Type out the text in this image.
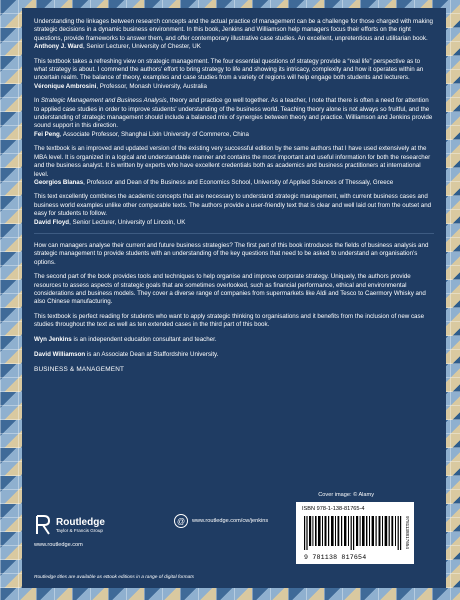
Understanding the linkages between research concepts and the actual practice of management can be a challenge for those charged with making strategic decisions in a dynamic business environment. In this book, Jenkins and Williamson help managers focus their efforts on the right questions, provide frameworks to answer them, and offer contemporary illustrative case studies. An excellent, unpretentious and utilitarian book.
Anthony J. Ward, Senior Lecturer, University of Chester, UK
This textbook takes a refreshing view on strategic management. The four essential questions of strategy provide a “real life” perspective as to what strategy is about. I commend the authors' effort to bring strategy to life and showing its intricacy, complexity and how it operates within an uncertain realm. The balance of theory, examples and case studies from a variety of regions will help engage both students and lecturers.
Véronique Ambrosini, Professor, Monash University, Australia
In Strategic Management and Business Analysis, theory and practice go well together. As a teacher, I note that there is often a need for attention to applied case studies in order to improve students' understanding of the business world. Teaching theory alone is not always so fruitful, and the understanding of strategic management should include a balanced mix of synergies between theory and practice. Williamson and Jenkins provide sound support in this direction.
Fei Peng, Associate Professor, Shanghai Lixin University of Commerce, China
The textbook is an improved and updated version of the existing very successful edition by the same authors that I have used extensively at the MBA level. It is organized in a logical and understandable manner and contains the most important and useful information for both the researcher and the business analyst. It is written by experts who have excellent credentials both as academics and business practitioners at international level.
Georgios Blanas, Professor and Dean of the Business and Economics School, University of Applied Sciences of Thessaly, Greece
This text excellently combines the academic concepts that are necessary to understand strategic management, with current business cases and business world examples unlike other comparable texts. The authors provide a user-friendly text that is clear and well laid out from the outset and easy for students to follow.
David Floyd, Senior Lecturer, University of Lincoln, UK

How can managers analyse their current and future business strategies? The first part of this book introduces the fields of business analysis and strategic management to provide students with an understanding of the key questions that need to be asked to understand an organisation's options.

The second part of the book provides tools and techniques to help organise and improve corporate strategy. Uniquely, the authors provide resources to assess aspects of strategic goals that are sometimes overlooked, such as financial performance, ethical and environmental considerations and business models. They cover a diverse range of companies from supermarkets like Aldi and Tesco to Caermory Whisky and also Chinese manufacturing.

This textbook is perfect reading for students who want to apply strategic thinking to organisations and it benefits from the inclusion of new case studies throughout the text as well as ten extended cases in the third part of this book.

Wyn Jenkins is an independent education consultant and teacher.

David Williamson is an Associate Dean at Staffordshire University.

BUSINESS & MANAGEMENT

Cover image: © Alamy
Routledge
Taylor & Francis Group
www.routledge.com
@	www.routledge.com/cw/jenkins
ISBN 978-1-138-81765-4
9 781138 817654
9781138817654
Routledge titles are available as eBook editions in a range of digital formats
